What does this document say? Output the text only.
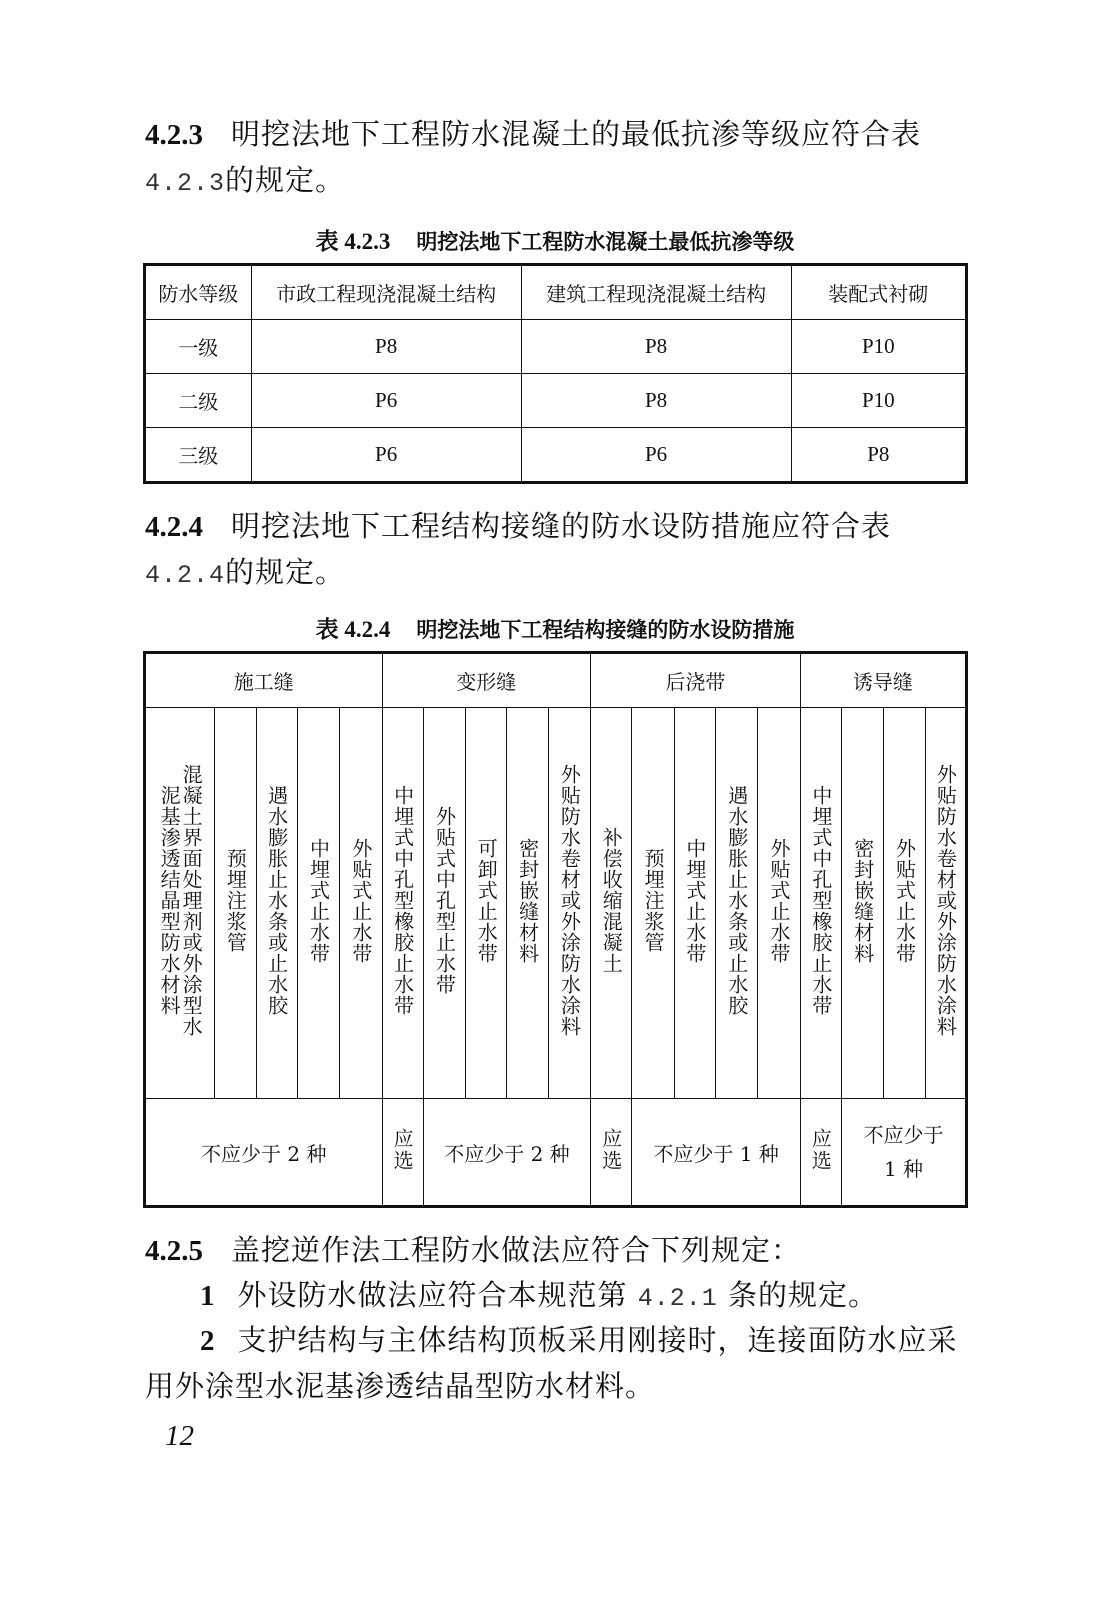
4.2.3 明挖法地下工程防水混凝土的最低抗渗等级应符合表4.2.3的规定。
表 4.2.3 明挖法地下工程防水混凝土最低抗渗等级
防水等级	市政工程现浇混凝土结构	建筑工程现浇混凝土结构	装配式衬砌
一级	P8	P8	P10
二级	P6	P8	P10
三级	P6	P6	P8
4.2.4 明挖法地下工程结构接缝的防水设防措施应符合表 4.2.4的规定。
表 4.2.4 明挖法地下工程结构接缝的防水设防措施
施工缝					变形缝					后浇带					诱导缝			
混凝土界面处理剂或外涂型水泥基渗透结晶型防水材料	预埋注浆管	遇水膨胀止水条或止水胶	中埋式止水带	外贴式止水带	中埋式中孔型橡胶止水带	外贴式中孔型止水带	可卸式止水带	密封嵌缝材料	外贴防水卷材或外涂防水涂料	补偿收缩混凝土	预埋注浆管	中埋式止水带	遇水膨胀止水条或止水胶	外贴式止水带	中埋式中孔型橡胶止水带	密封嵌缝材料	外贴式止水带	外贴防水卷材或外涂防水涂料
不应少于 2 种					应选	不应少于 2 种				应选	不应少于 1 种				应选	不应少于 1 种		
4.2.5 盖挖逆作法工程防水做法应符合下列规定：
1 外设防水做法应符合本规范第 4.2.1 条的规定。
2 支护结构与主体结构顶板采用刚接时，连接面防水应采用外涂型水泥基渗透结晶型防水材料。
12
